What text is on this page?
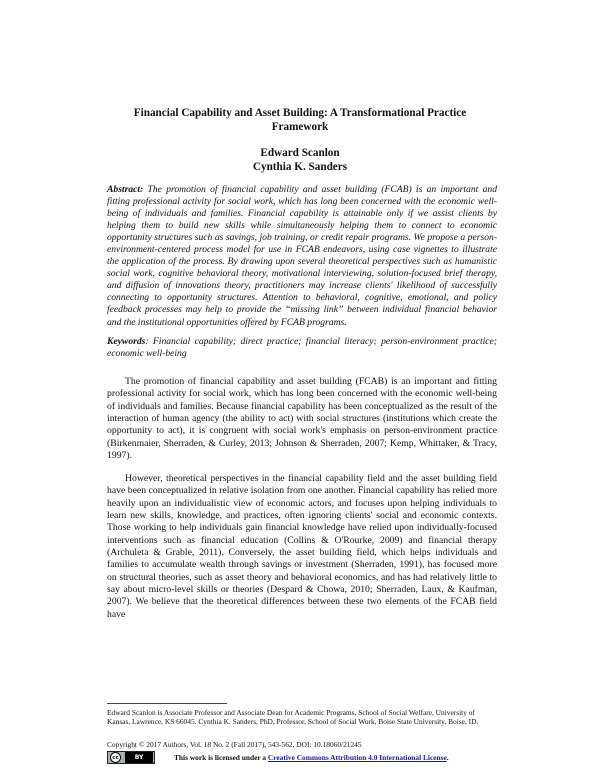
Financial Capability and Asset Building: A Transformational Practice Framework
Edward Scanlon
Cynthia K. Sanders
Abstract: The promotion of financial capability and asset building (FCAB) is an important and fitting professional activity for social work, which has long been concerned with the economic well-being of individuals and families. Financial capability is attainable only if we assist clients by helping them to build new skills while simultaneously helping them to connect to economic opportunity structures such as savings, job training, or credit repair programs. We propose a person-environment-centered process model for use in FCAB endeavors, using case vignettes to illustrate the application of the process. By drawing upon several theoretical perspectives such as humanistic social work, cognitive behavioral theory, motivational interviewing, solution-focused brief therapy, and diffusion of innovations theory, practitioners may increase clients' likelihood of successfully connecting to opportunity structures. Attention to behavioral, cognitive, emotional, and policy feedback processes may help to provide the “missing link” between individual financial behavior and the institutional opportunities offered by FCAB programs.
Keywords: Financial capability; direct practice; financial literacy; person-environment practice; economic well-being

The promotion of financial capability and asset building (FCAB) is an important and fitting professional activity for social work, which has long been concerned with the economic well-being of individuals and families. Because financial capability has been conceptualized as the result of the interaction of human agency (the ability to act) with social structures (institutions which create the opportunity to act), it is congruent with social work's emphasis on person-environment practice (Birkenmaier, Sherraden, & Curley, 2013; Johnson & Sherraden, 2007; Kemp, Whittaker, & Tracy, 1997).

However, theoretical perspectives in the financial capability field and the asset building field have been conceptualized in relative isolation from one another. Financial capability has relied more heavily upon an individualistic view of economic actors, and focuses upon helping individuals to learn new skills, knowledge, and practices, often ignoring clients' social and economic contexts. Those working to help individuals gain financial knowledge have relied upon individually-focused interventions such as financial education (Collins & O'Rourke, 2009) and financial therapy (Archuleta & Grable, 2011). Conversely, the asset building field, which helps individuals and families to accumulate wealth through savings or investment (Sherraden, 1991), has focused more on structural theories, such as asset theory and behavioral economics, and has had relatively little to say about micro-level skills or theories (Despard & Chowa, 2010; Sherraden, Laux, & Kaufman, 2007). We believe that the theoretical differences between these two elements of the FCAB field have

Edward Scanlon is Associate Professor and Associate Dean for Academic Programs, School of Social Welfare, University of Kansas, Lawrence, KS 66045. Cynthia K. Sanders, PhD, Professor, School of Social Work, Boise State University, Boise, ID.
Copyright © 2017 Authors, Vol. 18 No. 2 (Fall 2017), 543-562, DOI: 10.18060/21245
cc	BY	This work is licensed under a Creative Commons Attribution 4.0 International License.
